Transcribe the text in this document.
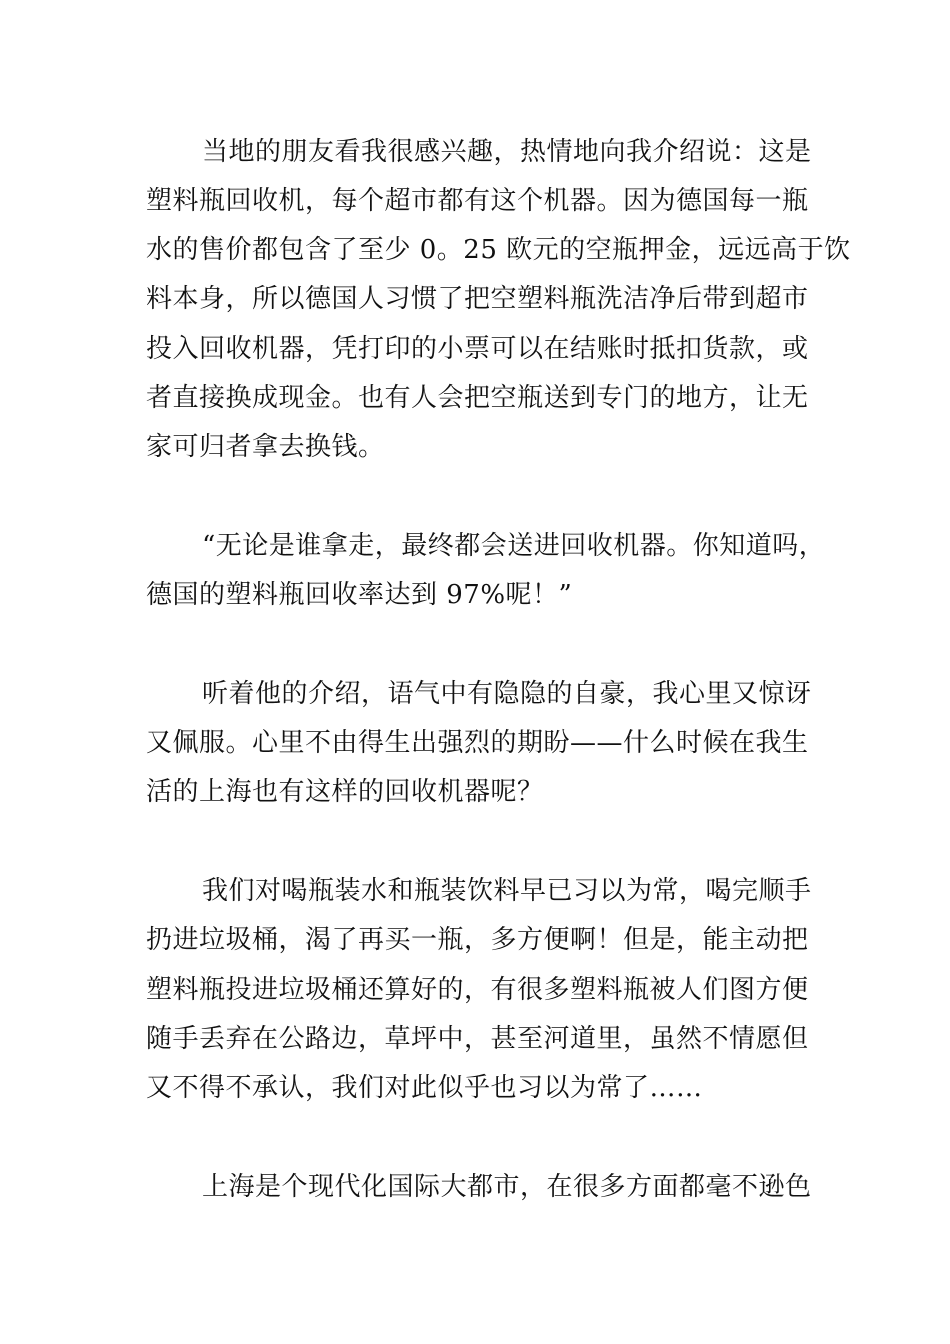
当地的朋友看我很感兴趣，热情地向我介绍说：这是
塑料瓶回收机，每个超市都有这个机器。因为德国每一瓶
水的售价都包含了至少 0。25 欧元的空瓶押金，远远高于饮
料本身，所以德国人习惯了把空塑料瓶洗洁净后带到超市
投入回收机器，凭打印的小票可以在结账时抵扣货款，或
者直接换成现金。也有人会把空瓶送到专门的地方，让无
家可归者拿去换钱。
“无论是谁拿走，最终都会送进回收机器。你知道吗，
德国的塑料瓶回收率达到 97%呢！”
听着他的介绍，语气中有隐隐的自豪，我心里又惊讶
又佩服。心里不由得生出强烈的期盼——什么时候在我生
活的上海也有这样的回收机器呢？
我们对喝瓶装水和瓶装饮料早已习以为常，喝完顺手
扔进垃圾桶，渴了再买一瓶，多方便啊！但是，能主动把
塑料瓶投进垃圾桶还算好的，有很多塑料瓶被人们图方便
随手丢弃在公路边，草坪中，甚至河道里，虽然不情愿但
又不得不承认，我们对此似乎也习以为常了……
上海是个现代化国际大都市，在很多方面都毫不逊色
